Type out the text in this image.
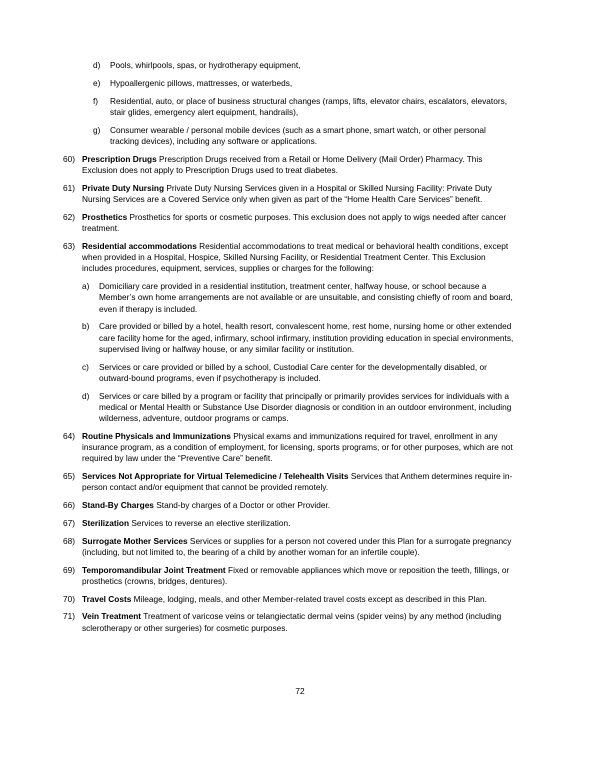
d)	Pools, whirlpools, spas, or hydrotherapy equipment,
e)	Hypoallergenic pillows, mattresses, or waterbeds,
f)	Residential, auto, or place of business structural changes (ramps, lifts, elevator chairs, escalators, elevators, stair glides, emergency alert equipment, handrails),
g)	Consumer wearable / personal mobile devices (such as a smart phone, smart watch, or other personal tracking devices), including any software or applications.
60) Prescription Drugs Prescription Drugs received from a Retail or Home Delivery (Mail Order) Pharmacy. This Exclusion does not apply to Prescription Drugs used to treat diabetes.
61) Private Duty Nursing Private Duty Nursing Services given in a Hospital or Skilled Nursing Facility: Private Duty Nursing Services are a Covered Service only when given as part of the “Home Health Care Services” benefit.
62) Prosthetics Prosthetics for sports or cosmetic purposes. This exclusion does not apply to wigs needed after cancer treatment.
63) Residential accommodations Residential accommodations to treat medical or behavioral health conditions, except when provided in a Hospital, Hospice, Skilled Nursing Facility, or Residential Treatment Center. This Exclusion includes procedures, equipment, services, supplies or charges for the following:
a)	Domiciliary care provided in a residential institution, treatment center, halfway house, or school because a Member’s own home arrangements are not available or are unsuitable, and consisting chiefly of room and board, even if therapy is included.
b)	Care provided or billed by a hotel, health resort, convalescent home, rest home, nursing home or other extended care facility home for the aged, infirmary, school infirmary, institution providing education in special environments, supervised living or halfway house, or any similar facility or institution.
c)	Services or care provided or billed by a school, Custodial Care center for the developmentally disabled, or outward-bound programs, even if psychotherapy is included.
d)	Services or care billed by a program or facility that principally or primarily provides services for individuals with a medical or Mental Health or Substance Use Disorder diagnosis or condition in an outdoor environment, including wilderness, adventure, outdoor programs or camps.
64) Routine Physicals and Immunizations Physical exams and immunizations required for travel, enrollment in any insurance program, as a condition of employment, for licensing, sports programs, or for other purposes, which are not required by law under the “Preventive Care” benefit.
65) Services Not Appropriate for Virtual Telemedicine / Telehealth Visits Services that Anthem determines require in-person contact and/or equipment that cannot be provided remotely.
66) Stand-By Charges Stand-by charges of a Doctor or other Provider.
67) Sterilization Services to reverse an elective sterilization.
68) Surrogate Mother Services Services or supplies for a person not covered under this Plan for a surrogate pregnancy (including, but not limited to, the bearing of a child by another woman for an infertile couple).
69) Temporomandibular Joint Treatment Fixed or removable appliances which move or reposition the teeth, fillings, or prosthetics (crowns, bridges, dentures).
70) Travel Costs Mileage, lodging, meals, and other Member-related travel costs except as described in this Plan.
71) Vein Treatment Treatment of varicose veins or telangiectatic dermal veins (spider veins) by any method (including sclerotherapy or other surgeries) for cosmetic purposes.
72
